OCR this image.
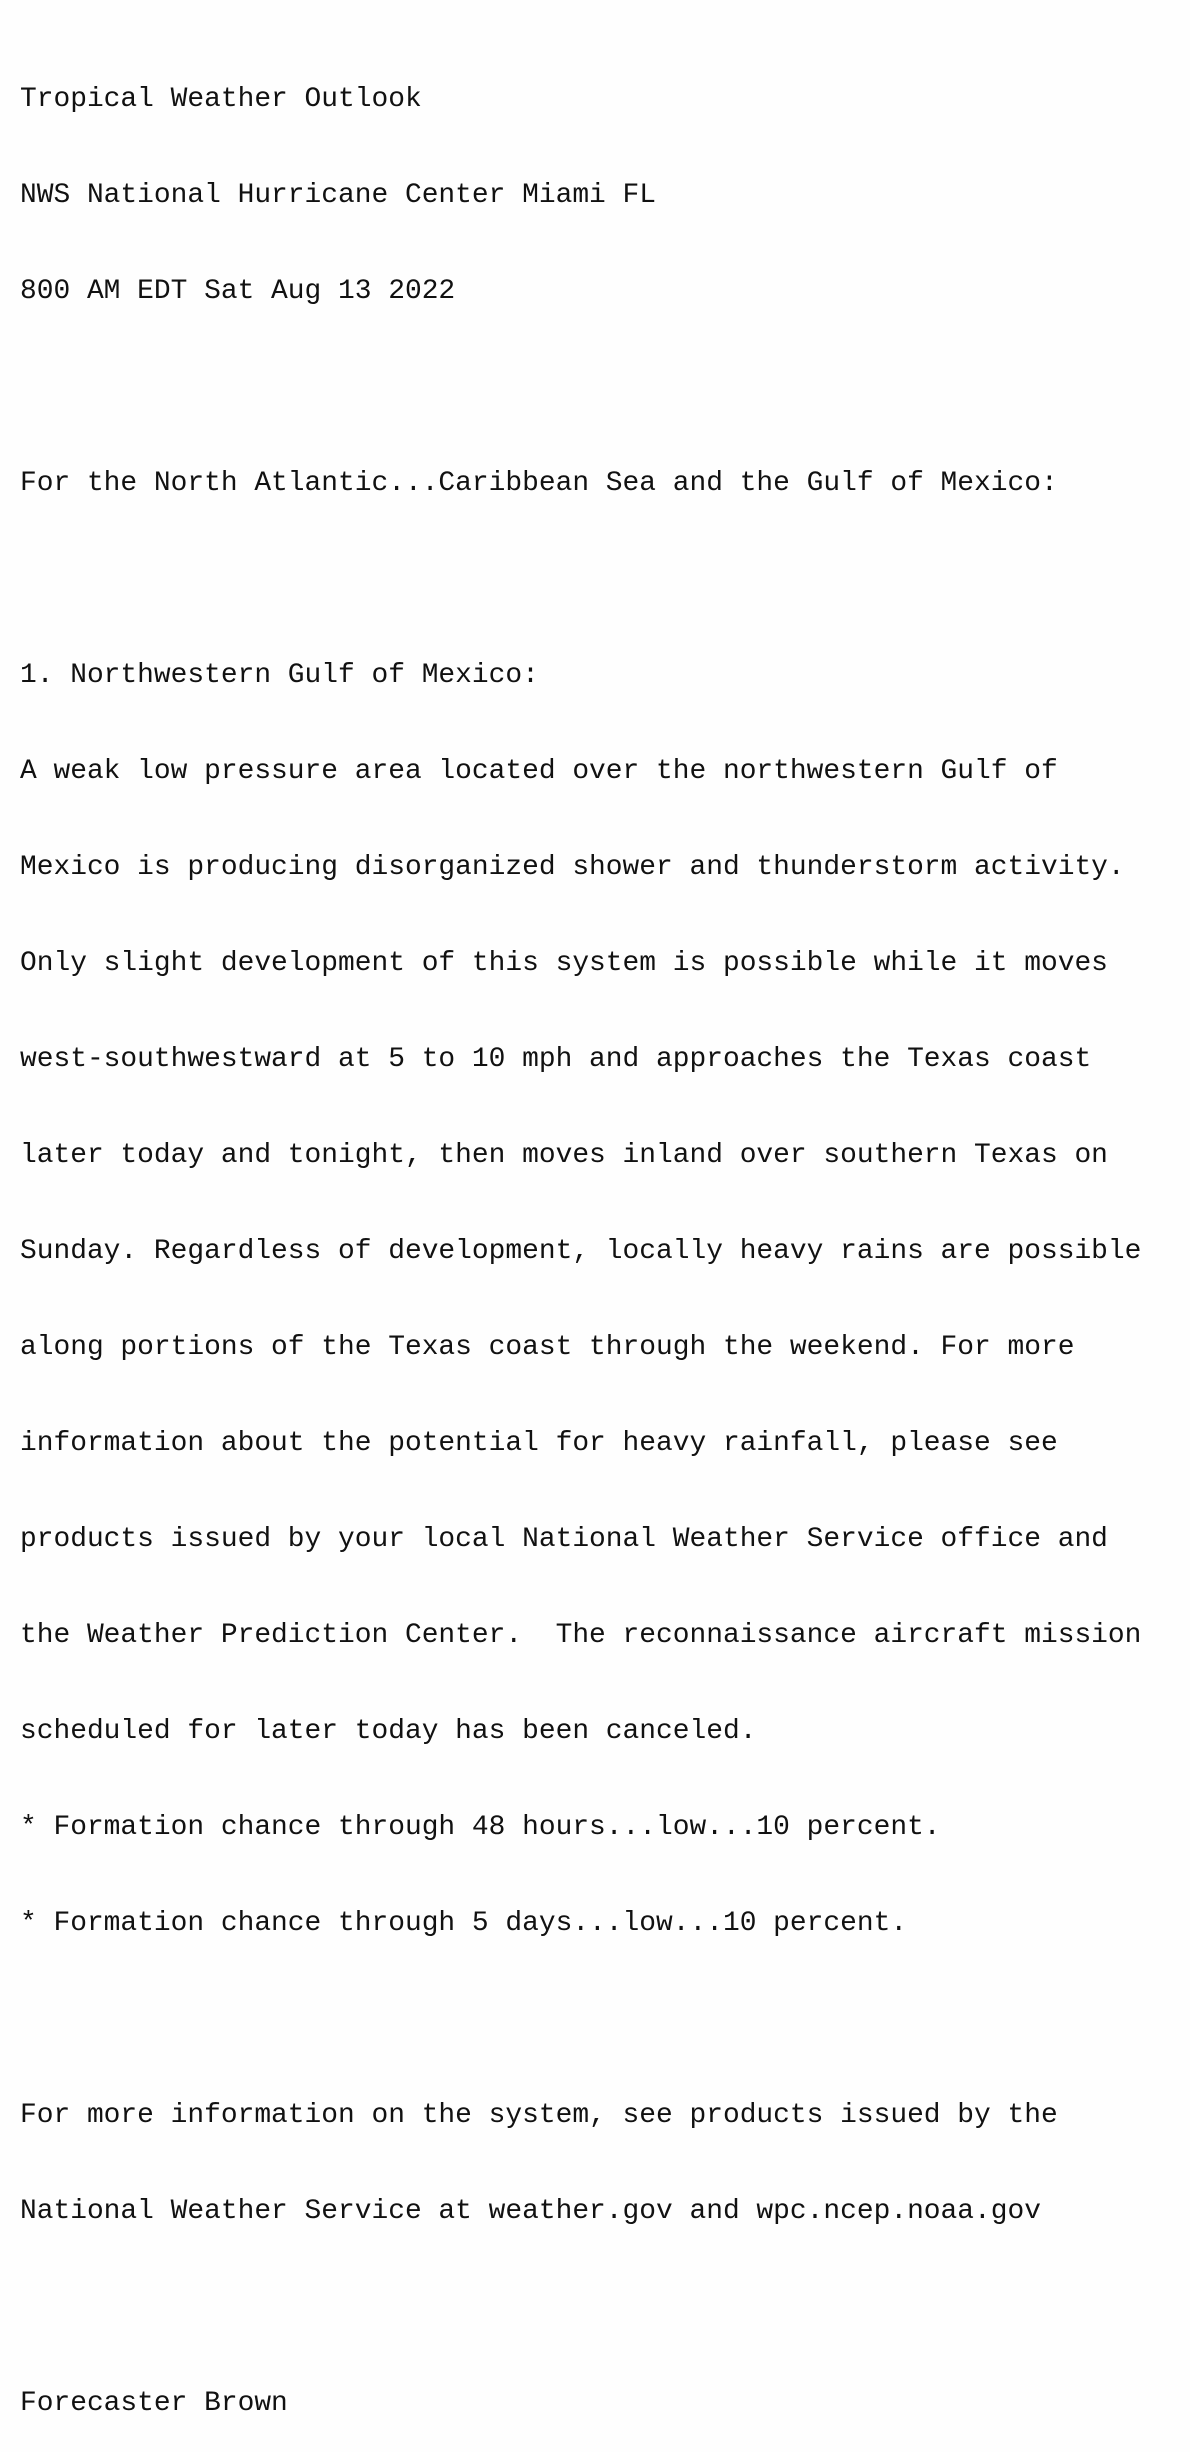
Tropical Weather Outlook

NWS National Hurricane Center Miami FL

800 AM EDT Sat Aug 13 2022

For the North Atlantic...Caribbean Sea and the Gulf of Mexico:

1. Northwestern Gulf of Mexico:

A weak low pressure area located over the northwestern Gulf of

Mexico is producing disorganized shower and thunderstorm activity.

Only slight development of this system is possible while it moves

west-southwestward at 5 to 10 mph and approaches the Texas coast

later today and tonight, then moves inland over southern Texas on

Sunday. Regardless of development, locally heavy rains are possible

along portions of the Texas coast through the weekend. For more

information about the potential for heavy rainfall, please see

products issued by your local National Weather Service office and

the Weather Prediction Center.  The reconnaissance aircraft mission

scheduled for later today has been canceled.

* Formation chance through 48 hours...low...10 percent.

* Formation chance through 5 days...low...10 percent.

For more information on the system, see products issued by the

National Weather Service at weather.gov and wpc.ncep.noaa.gov

Forecaster Brown
